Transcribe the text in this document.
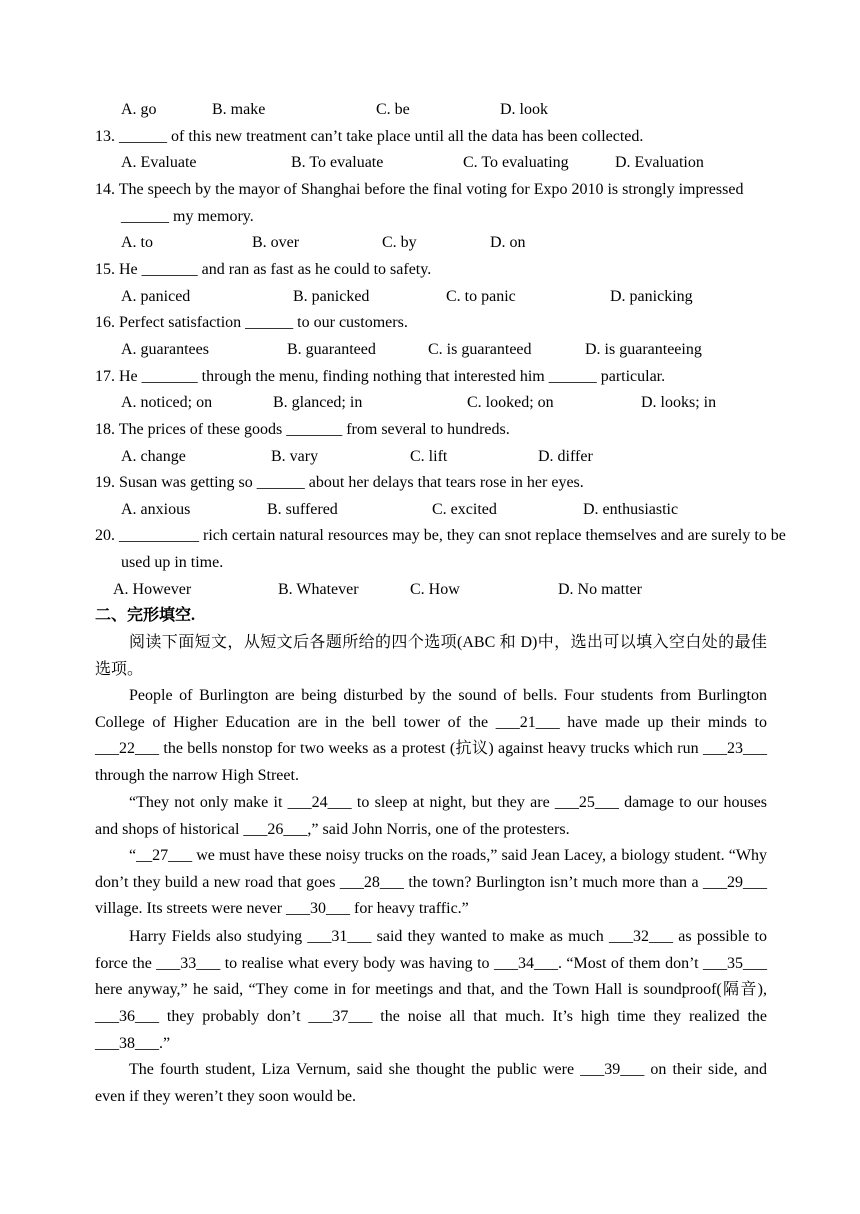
A. go	B. make	C. be	D. look
13. ______ of this new treatment can’t take place until all the data has been collected.
A. Evaluate	B. To evaluate	C. To evaluating	D. Evaluation
14. The speech by the mayor of Shanghai before the final voting for Expo 2010 is strongly impressed ______ my memory.
A. to	B. over	C. by	D. on
15. He _______ and ran as fast as he could to safety.
A. paniced	B. panicked	C. to panic	D. panicking
16. Perfect satisfaction ______ to our customers.
A. guarantees	B. guaranteed	C. is guaranteed	D. is guaranteeing
17. He _______ through the menu, finding nothing that interested him ______ particular.
A. noticed; on	B. glanced; in	C. looked; on	D. looks; in
18. The prices of these goods _______ from several to hundreds.
A. change	B. vary	C. lift	D. differ
19. Susan was getting so ______ about her delays that tears rose in her eyes.
A. anxious	B. suffered	C. excited	D. enthusiastic
20. __________ rich certain natural resources may be, they can snot replace themselves and are surely to be used up in time.
A. However	B. Whatever	C. How	D. No matter
二、完形填空.
阅读下面短文，从短文后各题所给的四个选项(ABC 和 D)中，选出可以填入空白处的最佳选项。
People of Burlington are being disturbed by the sound of bells. Four students from Burlington College of Higher Education are in the bell tower of the ___21___ have made up their minds to ___22___ the bells nonstop for two weeks as a protest (抗议) against heavy trucks which run ___23___ through the narrow High Street.
“They not only make it ___24___ to sleep at night, but they are ___25___ damage to our houses and shops of historical ___26___,” said John Norris, one of the protesters.
“__27___ we must have these noisy trucks on the roads,” said Jean Lacey, a biology student. “Why don’t they build a new road that goes ___28___ the town? Burlington isn’t much more than a ___29___ village. Its streets were never ___30___ for heavy traffic.”
Harry Fields also studying ___31___ said they wanted to make as much ___32___ as possible to force the ___33___ to realise what every body was having to ___34___. “Most of them don’t ___35___ here anyway,” he said, “They come in for meetings and that, and the Town Hall is soundproof(隔音), ___36___ they probably don’t ___37___ the noise all that much. It’s high time they realized the ___38___.”
The fourth student, Liza Vernum, said she thought the public were ___39___ on their side, and even if they weren’t they soon would be.
